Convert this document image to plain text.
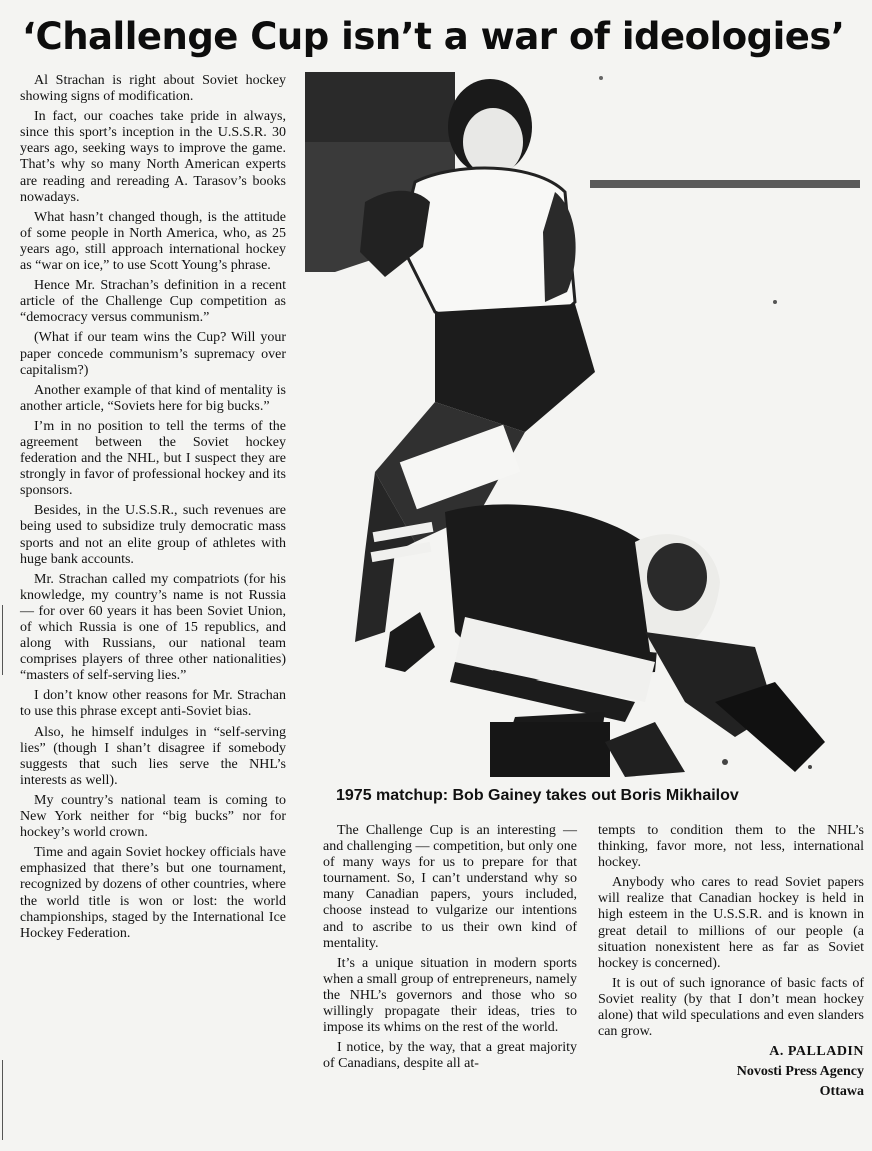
‘Challenge Cup isn’t a war of ideologies’

Al Strachan is right about Soviet hockey showing signs of modification.

In fact, our coaches take pride in always, since this sport’s inception in the U.S.S.R. 30 years ago, seeking ways to improve the game. That’s why so many North American experts are reading and rereading A. Tarasov’s books nowadays.

What hasn’t changed though, is the attitude of some people in North America, who, as 25 years ago, still approach international hockey as “war on ice,” to use Scott Young’s phrase.

Hence Mr. Strachan’s definition in a recent article of the Challenge Cup competition as “democracy versus communism.”

(What if our team wins the Cup? Will your paper concede communism’s supremacy over capitalism?)

Another example of that kind of mentality is another article, “Soviets here for big bucks.”

I’m in no position to tell the terms of the agreement between the Soviet hockey federation and the NHL, but I suspect they are strongly in favor of professional hockey and its sponsors.

Besides, in the U.S.S.R., such revenues are being used to subsidize truly democratic mass sports and not an elite group of athletes with huge bank accounts.

Mr. Strachan called my compatriots (for his knowledge, my country’s name is not Russia — for over 60 years it has been Soviet Union, of which Russia is one of 15 republics, and along with Russians, our national team comprises players of three other nationalities) “masters of self-serving lies.”

I don’t know other reasons for Mr. Strachan to use this phrase except anti-Soviet bias.

Also, he himself indulges in “self-serving lies” (though I shan’t disagree if somebody suggests that such lies serve the NHL’s interests as well).

My country’s national team is coming to New York neither for “big bucks” nor for hockey’s world crown.

Time and again Soviet hockey officials have emphasized that there’s but one tournament, recognized by dozens of other countries, where the world title is won or lost: the world championships, staged by the International Ice Hockey Federation.

1975 matchup: Bob Gainey takes out Boris Mikhailov

The Challenge Cup is an interesting — and challenging — competition, but only one of many ways for us to prepare for that tournament. So, I can’t understand why so many Canadian papers, yours included, choose instead to vulgarize our intentions and to ascribe to us their own kind of mentality.

It’s a unique situation in modern sports when a small group of entrepreneurs, namely the NHL’s governors and those who so willingly propagate their ideas, tries to impose its whims on the rest of the world.

I notice, by the way, that a great majority of Canadians, despite all at-

tempts to condition them to the NHL’s thinking, favor more, not less, international hockey.

Anybody who cares to read Soviet papers will realize that Canadian hockey is held in high esteem in the U.S.S.R. and is known in great detail to millions of our people (a situation nonexistent here as far as Soviet hockey is concerned).

It is out of such ignorance of basic facts of Soviet reality (by that I don’t mean hockey alone) that wild speculations and even slanders can grow.

A. PALLADIN

Novosti Press Agency

Ottawa
